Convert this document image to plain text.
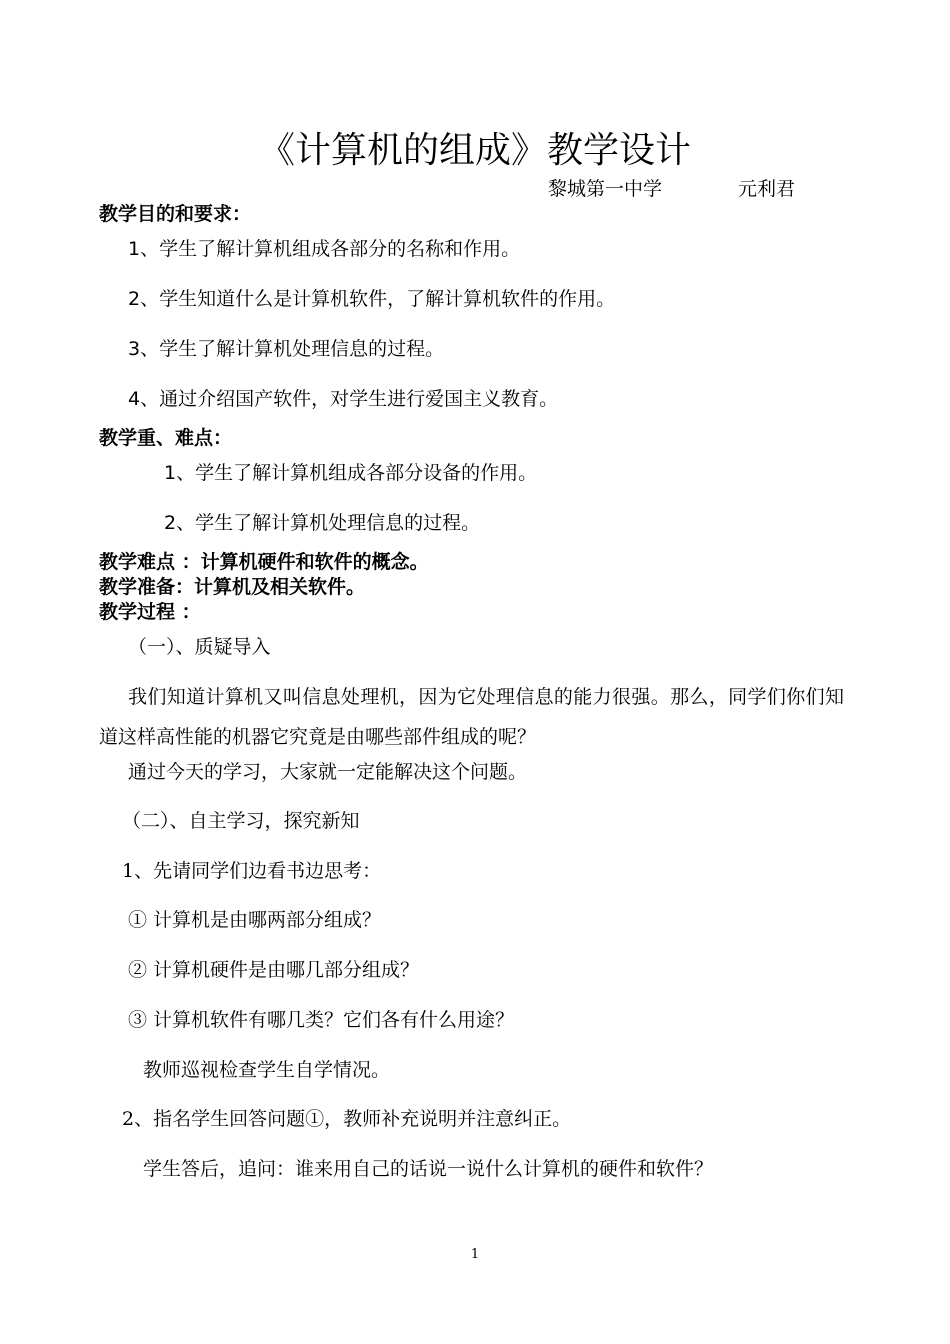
《计算机的组成》教学设计
黎城第一中学	元利君
教学目的和要求：
1、学生了解计算机组成各部分的名称和作用。
2、学生知道什么是计算机软件，了解计算机软件的作用。
3、学生了解计算机处理信息的过程。
4、通过介绍国产软件，对学生进行爱国主义教育。
教学重、难点：
1、学生了解计算机组成各部分设备的作用。
2、学生了解计算机处理信息的过程。
教学难点 ：计算机硬件和软件的概念。
教学准备：计算机及相关软件。
教学过程 ：
（一）、质疑导入
我们知道计算机又叫信息处理机，因为它处理信息的能力很强。那么，同学们你们知道这样高性能的机器它究竟是由哪些部件组成的呢？
通过今天的学习，大家就一定能解决这个问题。
（二）、自主学习，探究新知
1、先请同学们边看书边思考：
① 计算机是由哪两部分组成？
② 计算机硬件是由哪几部分组成？
③ 计算机软件有哪几类？它们各有什么用途？
教师巡视检查学生自学情况。
2、指名学生回答问题①，教师补充说明并注意纠正。
学生答后，追问：谁来用自己的话说一说什么计算机的硬件和软件？
1
